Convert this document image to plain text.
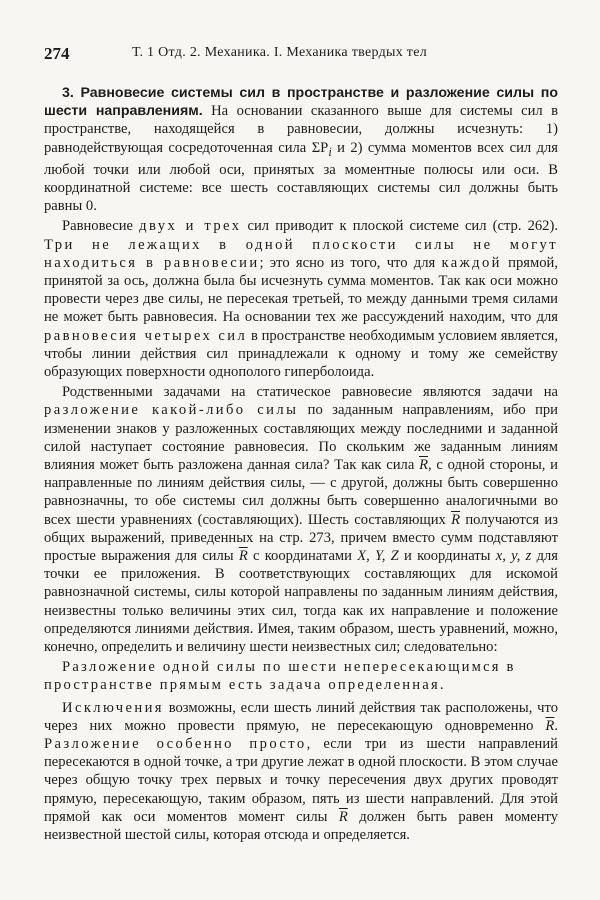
274	Т. 1 Отд. 2. Механика. I. Механика твердых тел

3. Равновесие системы сил в пространстве и разложение силы по шести направлениям. На основании сказанного выше для системы сил в пространстве, находящейся в равновесии, должны исчезнуть: 1) равнодействующая сосредоточенная сила $\Sigma P_i$ и 2) сумма моментов всех сил для любой точки или любой оси, принятых за моментные полюсы или оси. В координатной системе: все шесть составляющих системы сил должны быть равны 0.

Равновесие двух и трех сил приводит к плоской системе сил (стр. 262). Три не лежащих в одной плоскости силы не могут находиться в равновесии; это ясно из того, что для каждой прямой, принятой за ось, должна была бы исчезнуть сумма моментов. Так как оси можно провести через две силы, не пересекая третьей, то между данными тремя силами не может быть равновесия. На основании тех же рассуждений находим, что для равновесия четырех сил в пространстве необходимым условием является, чтобы линии действия сил принадлежали к одному и тому же семейству образующих поверхности однополого гиперболоида.

Родственными задачами на статическое равновесие являются задачи на разложение какой-либо силы по заданным направлениям, ибо при изменении знаков у разложенных составляющих между последними и заданной силой наступает состояние равновесия. По скольким же заданным линиям влияния может быть разложена данная сила? Так как сила $\overline{R}$, с одной стороны, и направленные по линиям действия силы, — с другой, должны быть совершенно равнозначны, то обе системы сил должны быть совершенно аналогичными во всех шести уравнениях (составляющих). Шесть составляющих $\overline{R}$ получаются из общих выражений, приведенных на стр. 273, причем вместо сумм подставляют простые выражения для силы $\overline{R}$ с координатами X, Y, Z и координаты x, y, z для точки ее приложения. В соответствующих составляющих для искомой равнозначной системы, силы которой направлены по заданным линиям действия, неизвестны только величины этих сил, тогда как их направление и положение определяются линиями действия. Имея, таким образом, шесть уравнений, можно, конечно, определить и величину шести неизвестных сил; следовательно:

Разложение одной силы по шести непересекающимся в пространстве прямым есть задача определенная.

Исключения возможны, если шесть линий действия так расположены, что через них можно провести прямую, не пересекающую одновременно $\overline{R}$. Разложение особенно просто, если три из шести направлений пересекаются в одной точке, а три другие лежат в одной плоскости. В этом случае через общую точку трех первых и точку пересечения двух других проводят прямую, пересекающую, таким образом, пять из шести направлений. Для этой прямой как оси моментов момент силы $\overline{R}$ должен быть равен моменту неизвестной шестой силы, которая отсюда и определяется.
